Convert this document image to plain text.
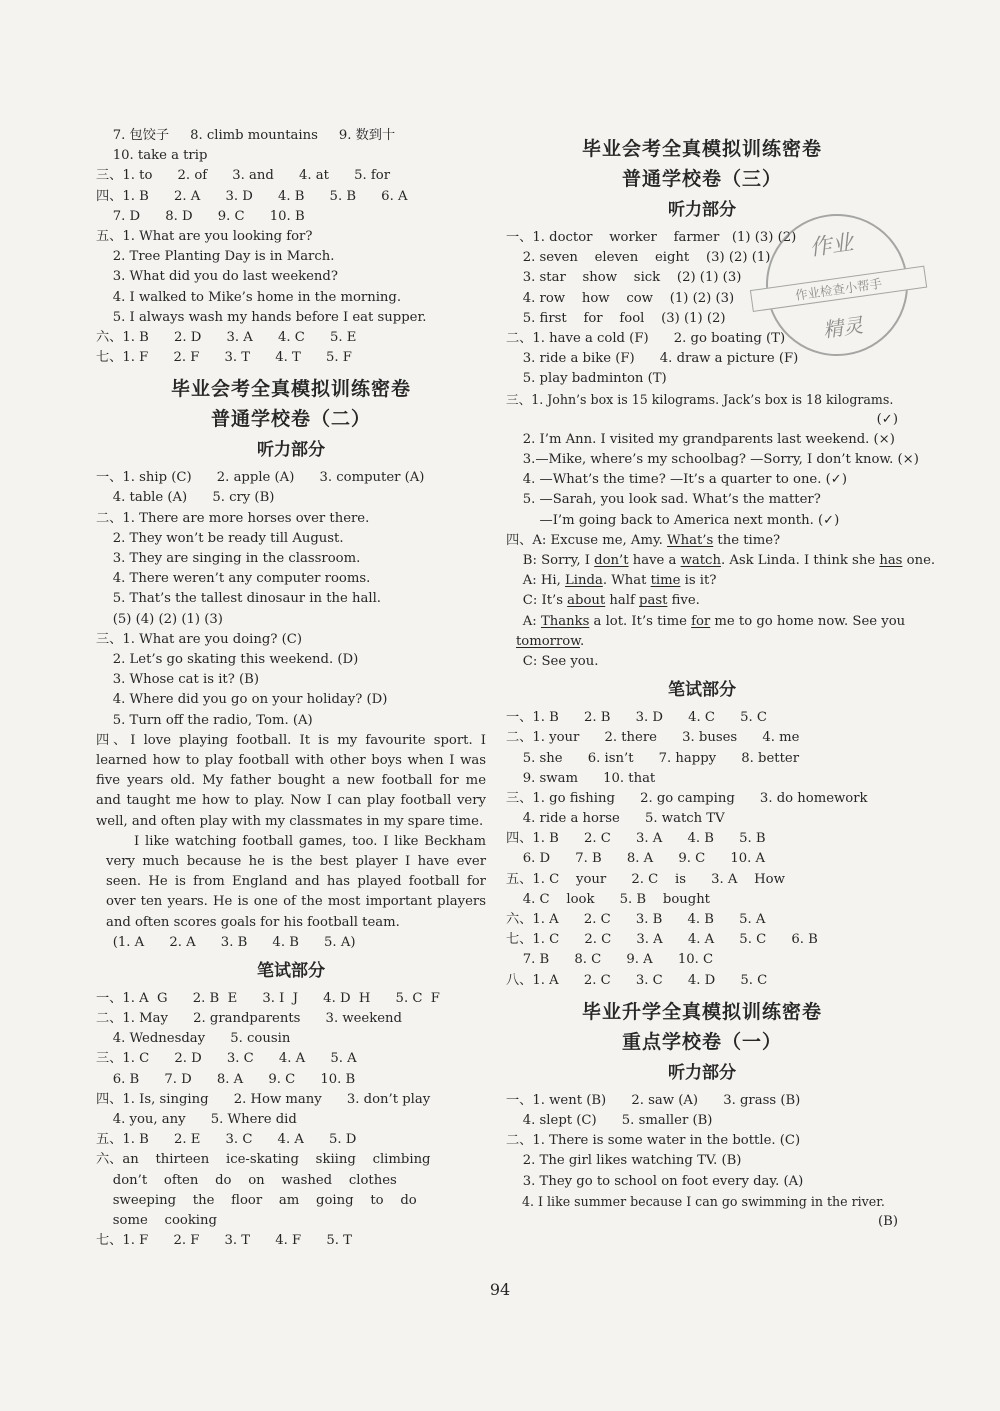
7. 包饺子     8. climb mountains     9. 数到十
10. take a trip
三、1. to      2. of      3. and      4. at      5. for
四、1. B      2. A      3. D      4. B      5. B      6. A
7. D      8. D      9. C      10. B
五、1. What are you looking for?
2. Tree Planting Day is in March.
3. What did you do last weekend?
4. I walked to Mike’s home in the morning.
5. I always wash my hands before I eat supper.
六、1. B      2. D      3. A      4. C      5. E
七、1. F      2. F      3. T      4. T      5. F
毕业会考全真模拟训练密卷
普通学校卷（二）
听力部分
一、1. ship (C)      2. apple (A)      3. computer (A)
4. table (A)      5. cry (B)
二、1. There are more horses over there.
2. They won’t be ready till August.
3. They are singing in the classroom.
4. There weren’t any computer rooms.
5. That’s the tallest dinosaur in the hall.
(5) (4) (2) (1) (3)
三、1. What are you doing? (C)
2. Let’s go skating this weekend. (D)
3. Whose cat is it? (B)
4. Where did you go on your holiday? (D)
5. Turn off the radio, Tom. (A)
四、I love playing football. It is my favourite sport. I learned how to play football with other boys when I was five years old. My father bought a new football for me and taught me how to play. Now I can play football very well, and often play with my classmates in my spare time.
I like watching football games, too. I like Beckham very much because he is the best player I have ever seen. He is from England and has played football for over ten years. He is one of the most important players and often scores goals for his football team.
(1. A      2. A      3. B      4. B      5. A)
笔试部分
一、1. A  G      2. B  E      3. I  J      4. D  H      5. C  F
二、1. May      2. grandparents      3. weekend
4. Wednesday      5. cousin
三、1. C      2. D      3. C      4. A      5. A
6. B      7. D      8. A      9. C      10. B
四、1. Is, singing      2. How many      3. don’t play
4. you, any      5. Where did
五、1. B      2. E      3. C      4. A      5. D
六、an    thirteen    ice-skating    skiing    climbing
don’t    often    do    on    washed    clothes
sweeping    the    floor    am    going    to    do
some    cooking
七、1. F      2. F      3. T      4. F      5. T
毕业会考全真模拟训练密卷
普通学校卷（三）
听力部分
一、1. doctor    worker    farmer   (1) (3) (2)
2. seven    eleven    eight    (3) (2) (1)
3. star    show    sick    (2) (1) (3)
4. row    how    cow    (1) (2) (3)
5. first    for    fool    (3) (1) (2)
二、1. have a cold (F)      2. go boating (T)
3. ride a bike (F)      4. draw a picture (F)
5. play badminton (T)
三、1. John’s box is 15 kilograms. Jack’s box is 18 kilograms.
(✓)
2. I’m Ann. I visited my grandparents last weekend. (×)
3.—Mike, where’s my schoolbag? —Sorry, I don’t know. (×)
4. —What’s the time? —It’s a quarter to one. (✓)
5. —Sarah, you look sad. What’s the matter?
—I’m going back to America next month. (✓)
四、A: Excuse me, Amy. What’s the time?
B: Sorry, I don’t have a watch. Ask Linda. I think she has one.
A: Hi, Linda. What time is it?
C: It’s about half past five.
A: Thanks a lot. It’s time for me to go home now. See you
tomorrow.
C: See you.
笔试部分
一、1. B      2. B      3. D      4. C      5. C
二、1. your      2. there      3. buses      4. me
5. she      6. isn’t      7. happy      8. better
9. swam      10. that
三、1. go fishing      2. go camping      3. do homework
4. ride a horse      5. watch TV
四、1. B      2. C      3. A      4. B      5. B
6. D      7. B      8. A      9. C      10. A
五、1. C    your      2. C    is      3. A    How
4. C    look      5. B    bought
六、1. A      2. C      3. B      4. B      5. A
七、1. C      2. C      3. A      4. A      5. C      6. B
7. B      8. C      9. A      10. C
八、1. A      2. C      3. C      4. D      5. C
毕业升学全真模拟训练密卷
重点学校卷（一）
听力部分
一、1. went (B)      2. saw (A)      3. grass (B)
4. slept (C)      5. smaller (B)
二、1. There is some water in the bottle. (C)
2. The girl likes watching TV. (B)
3. They go to school on foot every day. (A)
4. I like summer because I can go swimming in the river.
(B)
作业
作业检查小帮手
精灵
94
